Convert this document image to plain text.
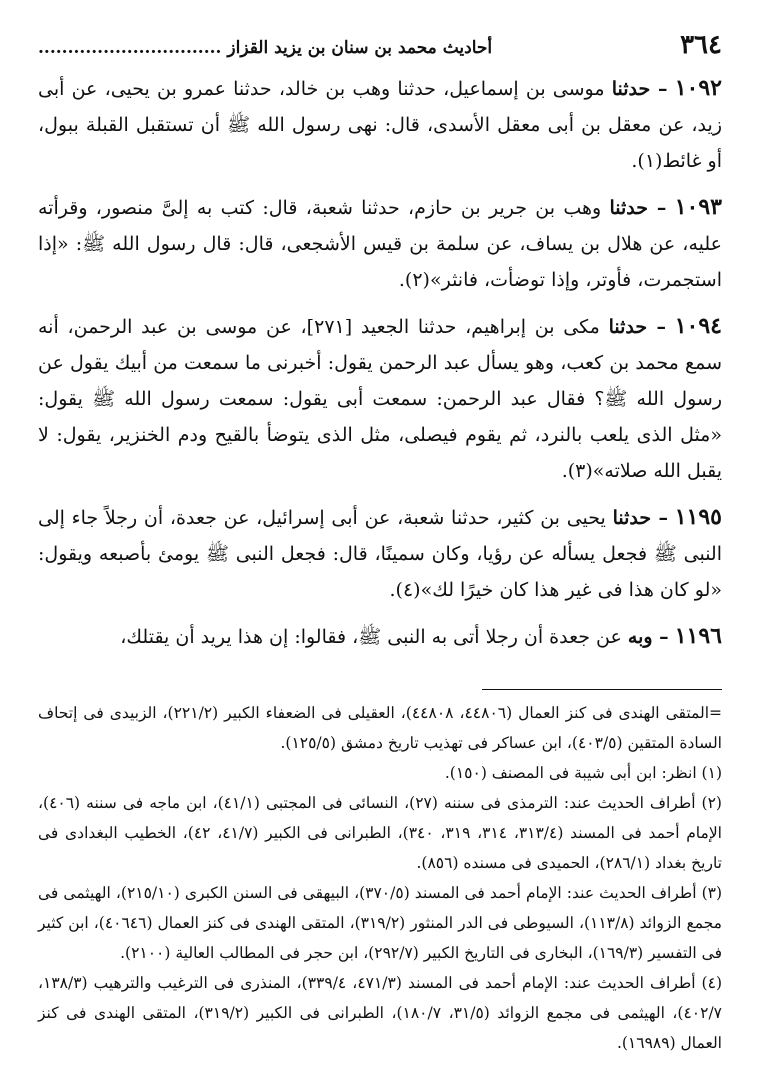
٣٦٤
أحاديث محمد بن سنان بن يزيد القزاز ...............................

١٠٩٢ – حدثنا موسى بن إسماعيل، حدثنا وهب بن خالد، حدثنا عمرو بن يحيى، عن أبى زيد، عن معقل بن أبى معقل الأسدى، قال: نهى رسول الله ﷺ أن تستقبل القبلة ببول، أو غائط(١).

١٠٩٣ – حدثنا وهب بن جرير بن حازم، حدثنا شعبة، قال: كتب به إلىَّ منصور، وقرأته عليه، عن هلال بن يساف، عن سلمة بن قيس الأشجعى، قال: قال رسول الله ﷺ: «إذا استجمرت، فأوتر، وإذا توضأت، فانثر»(٢).

١٠٩٤ – حدثنا مكى بن إبراهيم، حدثنا الجعيد [٢٧١]، عن موسى بن عبد الرحمن، أنه سمع محمد بن كعب، وهو يسأل عبد الرحمن يقول: أخبرنى ما سمعت من أبيك يقول عن رسول الله ﷺ؟ فقال عبد الرحمن: سمعت أبى يقول: سمعت رسول الله ﷺ يقول: «مثل الذى يلعب بالنرد، ثم يقوم فيصلى، مثل الذى يتوضأ بالقيح ودم الخنزير، يقول: لا يقبل الله صلاته»(٣).

١١٩٥ – حدثنا يحيى بن كثير، حدثنا شعبة، عن أبى إسرائيل، عن جعدة، أن رجلاً جاء إلى النبى ﷺ فجعل يسأله عن رؤيا، وكان سمينًا، قال: فجعل النبى ﷺ يومئ بأصبعه ويقول: «لو كان هذا فى غير هذا كان خيرًا لك»(٤).

١١٩٦ – وبه عن جعدة أن رجلا أتى به النبى ﷺ، فقالوا: إن هذا يريد أن يقتلك،

=المتقى الهندى فى كنز العمال (٤٤٨٠٦، ٤٤٨٠٨)، العقيلى فى الضعفاء الكبير (٢٢١/٢)، الزبيدى فى إتحاف السادة المتقين (٤٠٣/٥)، ابن عساكر فى تهذيب تاريخ دمشق (١٢٥/٥).

(١) انظر: ابن أبى شيبة فى المصنف (١٥٠).

(٢) أطراف الحديث عند: الترمذى فى سننه (٢٧)، النسائى فى المجتبى (٤١/١)، ابن ماجه فى سننه (٤٠٦)، الإمام أحمد فى المسند (٣١٣/٤، ٣١٤، ٣١٩، ٣٤٠)، الطبرانى فى الكبير (٤١/٧، ٤٢)، الخطيب البغدادى فى تاريخ بغداد (٢٨٦/١)، الحميدى فى مسنده (٨٥٦).

(٣) أطراف الحديث عند: الإمام أحمد فى المسند (٣٧٠/٥)، البيهقى فى السنن الكبرى (٢١٥/١٠)، الهيثمى فى مجمع الزوائد (١١٣/٨)، السيوطى فى الدر المنثور (٣١٩/٢)، المتقى الهندى فى كنز العمال (٤٠٦٤٦)، ابن كثير فى التفسير (١٦٩/٣)، البخارى فى التاريخ الكبير (٢٩٢/٧)، ابن حجر فى المطالب العالية (٢١٠٠).

(٤) أطراف الحديث عند: الإمام أحمد فى المسند (٤٧١/٣، ٣٣٩/٤)، المنذرى فى الترغيب والترهيب (١٣٨/٣، ٤٠٢/٧)، الهيثمى فى مجمع الزوائد (٣١/٥، ١٨٠/٧)، الطبرانى فى الكبير (٣١٩/٢)، المتقى الهندى فى كنز العمال (١٦٩٨٩).
